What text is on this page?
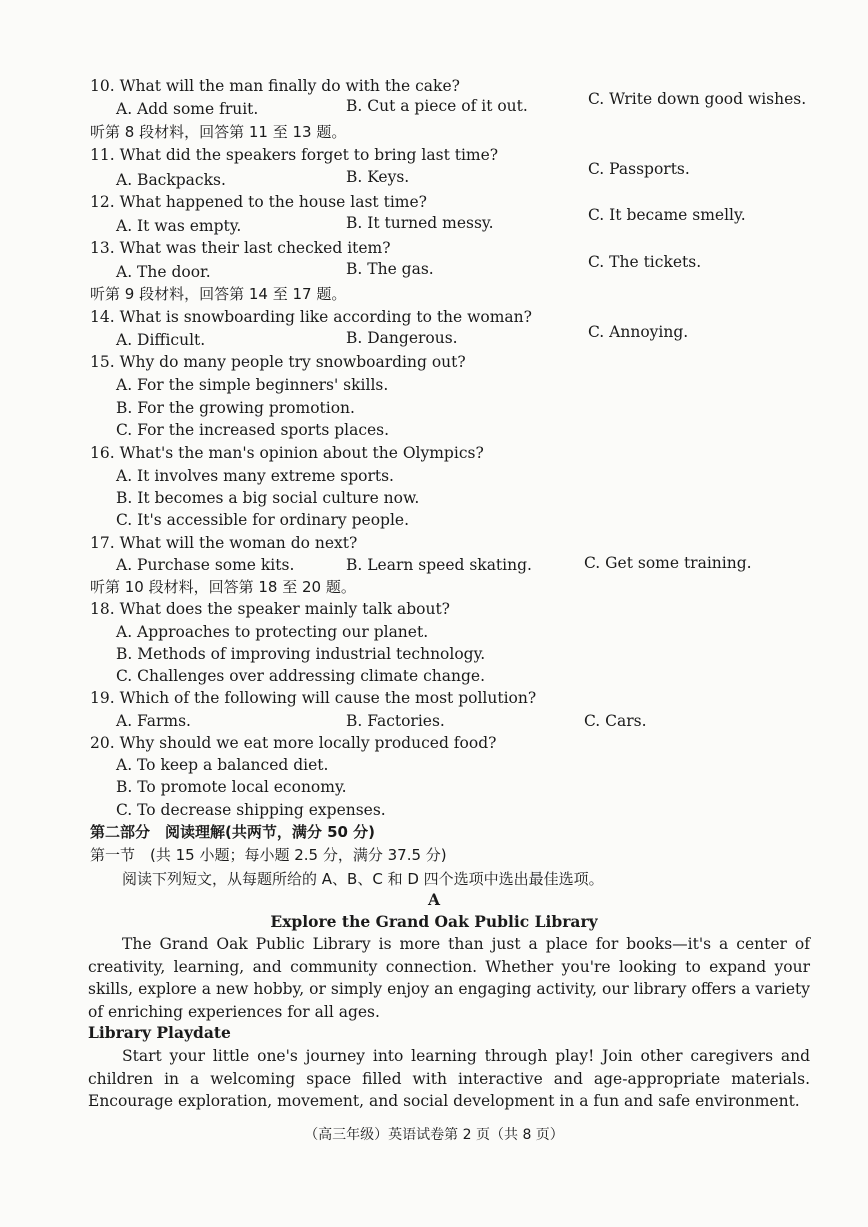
10. What will the man finally do with the cake?
A. Add some fruit.	B. Cut a piece of it out.	C. Write down good wishes.
听第 8 段材料，回答第 11 至 13 题。
11. What did the speakers forget to bring last time?
A. Backpacks.	B. Keys.	C. Passports.
12. What happened to the house last time?
A. It was empty.	B. It turned messy.	C. It became smelly.
13. What was their last checked item?
A. The door.	B. The gas.	C. The tickets.
听第 9 段材料，回答第 14 至 17 题。
14. What is snowboarding like according to the woman?
A. Difficult.	B. Dangerous.	C. Annoying.
15. Why do many people try snowboarding out?
A. For the simple beginners' skills.
B. For the growing promotion.
C. For the increased sports places.
16. What's the man's opinion about the Olympics?
A. It involves many extreme sports.
B. It becomes a big social culture now.
C. It's accessible for ordinary people.
17. What will the woman do next?
A. Purchase some kits.	B. Learn speed skating.	C. Get some training.
听第 10 段材料，回答第 18 至 20 题。
18. What does the speaker mainly talk about?
A. Approaches to protecting our planet.
B. Methods of improving industrial technology.
C. Challenges over addressing climate change.
19. Which of the following will cause the most pollution?
A. Farms.	B. Factories.	C. Cars.
20. Why should we eat more locally produced food?
A. To keep a balanced diet.
B. To promote local economy.
C. To decrease shipping expenses.
第二部分　阅读理解(共两节，满分 50 分)
第一节　(共 15 小题；每小题 2.5 分，满分 37.5 分)
阅读下列短文，从每题所给的 A、B、C 和 D 四个选项中选出最佳选项。
A
Explore the Grand Oak Public Library
The Grand Oak Public Library is more than just a place for books—it's a center of creativity, learning, and community connection. Whether you're looking to expand your skills, explore a new hobby, or simply enjoy an engaging activity, our library offers a variety of enriching experiences for all ages.
Library Playdate
Start your little one's journey into learning through play! Join other caregivers and children in a welcoming space filled with interactive and age-appropriate materials. Encourage exploration, movement, and social development in a fun and safe environment.
（高三年级）英语试卷第 2 页（共 8 页）
